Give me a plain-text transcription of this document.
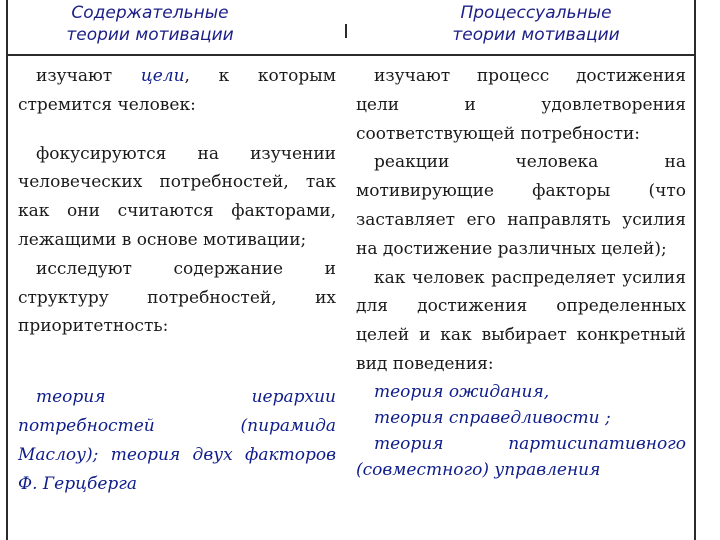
Содержательные
теории мотивации
Процессуальные
теории мотивации

изучают цели, к которым стремится человек:

фокусируются на изучении человеческих потребностей, так как они считаются факторами, лежащими в основе мотивации;

исследуют содержание и структуру потребностей, их приоритетность:

теория иерархии потребностей (пирамида Маслоу); теория двух факторов Ф. Герцберга

изучают процесс достижения цели и удовлетворения соответствующей потребности:

реакции человека на мотивирующие факторы (что заставляет его направлять усилия на достижение различных целей);

как человек распределяет усилия для достижения определенных целей и как выбирает конкретный вид поведения:

теория ожидания,

теория справедливости ;

теория партисипативного (совместного) управления
